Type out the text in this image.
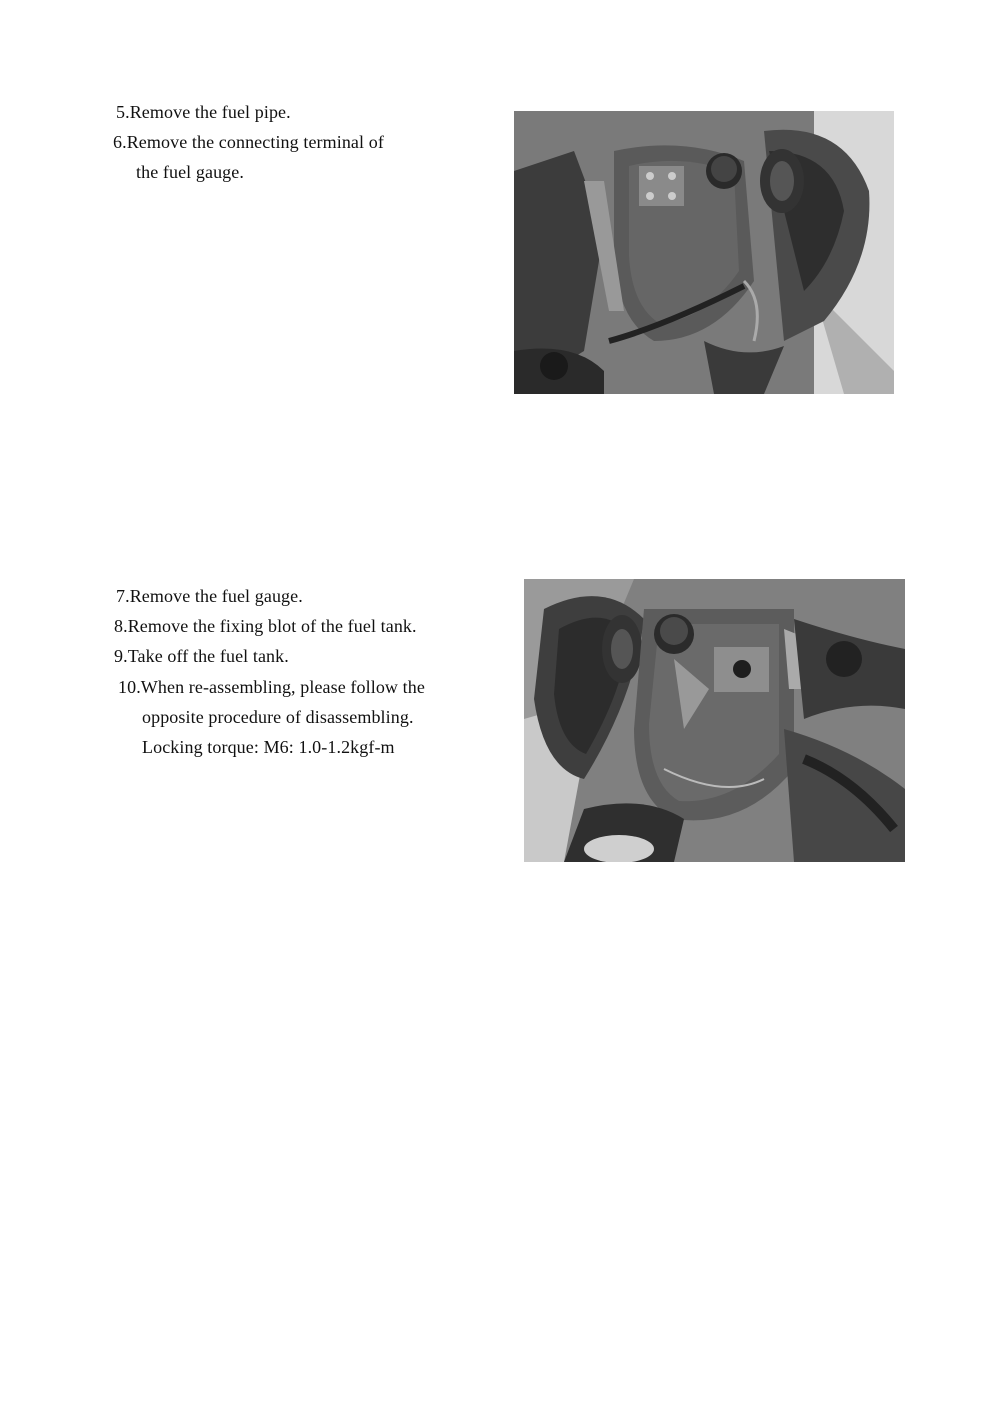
5.Remove the fuel pipe.
6.Remove the connecting terminal of
the fuel gauge.
7.Remove the fuel gauge.
8.Remove the fixing blot of the fuel tank.
9.Take off the fuel tank.
10.When re-assembling, please follow the
opposite procedure of disassembling.
Locking torque: M6: 1.0-1.2kgf-m
